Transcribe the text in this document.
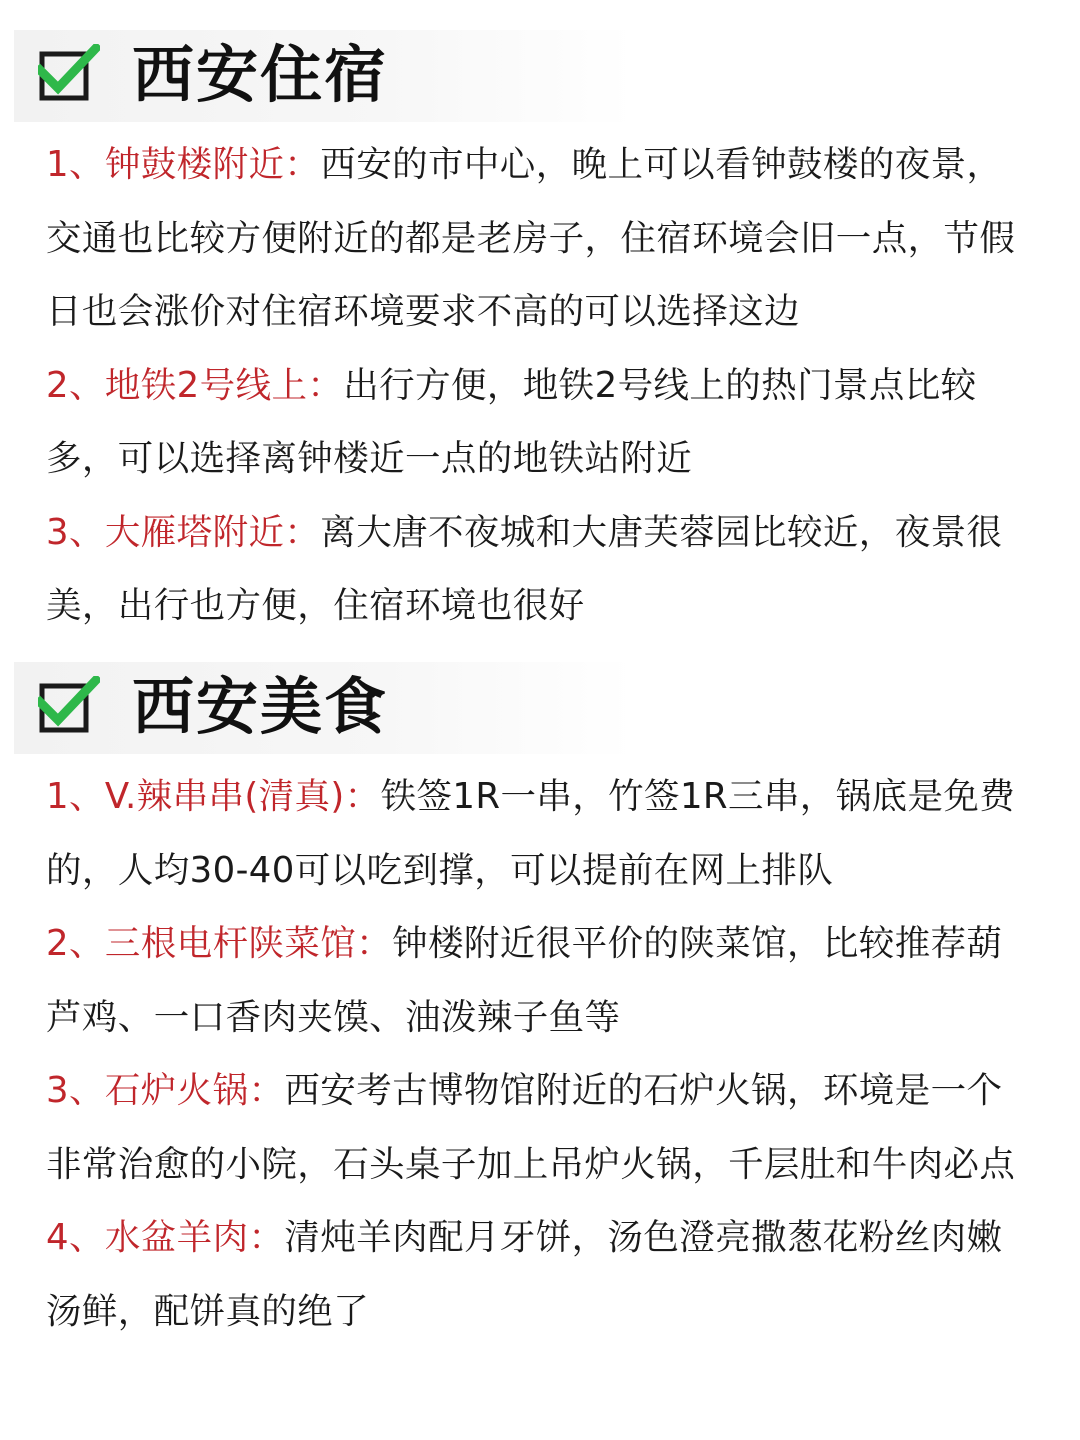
西安住宿
1、钟鼓楼附近：西安的市中心，晚上可以看钟鼓楼的夜景，交通也比较方便附近的都是老房子，住宿环境会旧一点，节假日也会涨价对住宿环境要求不高的可以选择这边
2、地铁2号线上：出行方便，地铁2号线上的热门景点比较多，可以选择离钟楼近一点的地铁站附近
3、大雁塔附近：离大唐不夜城和大唐芙蓉园比较近，夜景很美，出行也方便，住宿环境也很好
西安美食
1、V.辣串串(清真)：铁签1R一串，竹签1R三串，锅底是免费的，人均30-40可以吃到撑，可以提前在网上排队
2、三根电杆陕菜馆：钟楼附近很平价的陕菜馆，比较推荐葫芦鸡、一口香肉夹馍、油泼辣子鱼等
3、石炉火锅：西安考古博物馆附近的石炉火锅，环境是一个非常治愈的小院，石头桌子加上吊炉火锅，千层肚和牛肉必点
4、水盆羊肉：清炖羊肉配月牙饼，汤色澄亮撒葱花粉丝肉嫩汤鲜，配饼真的绝了
